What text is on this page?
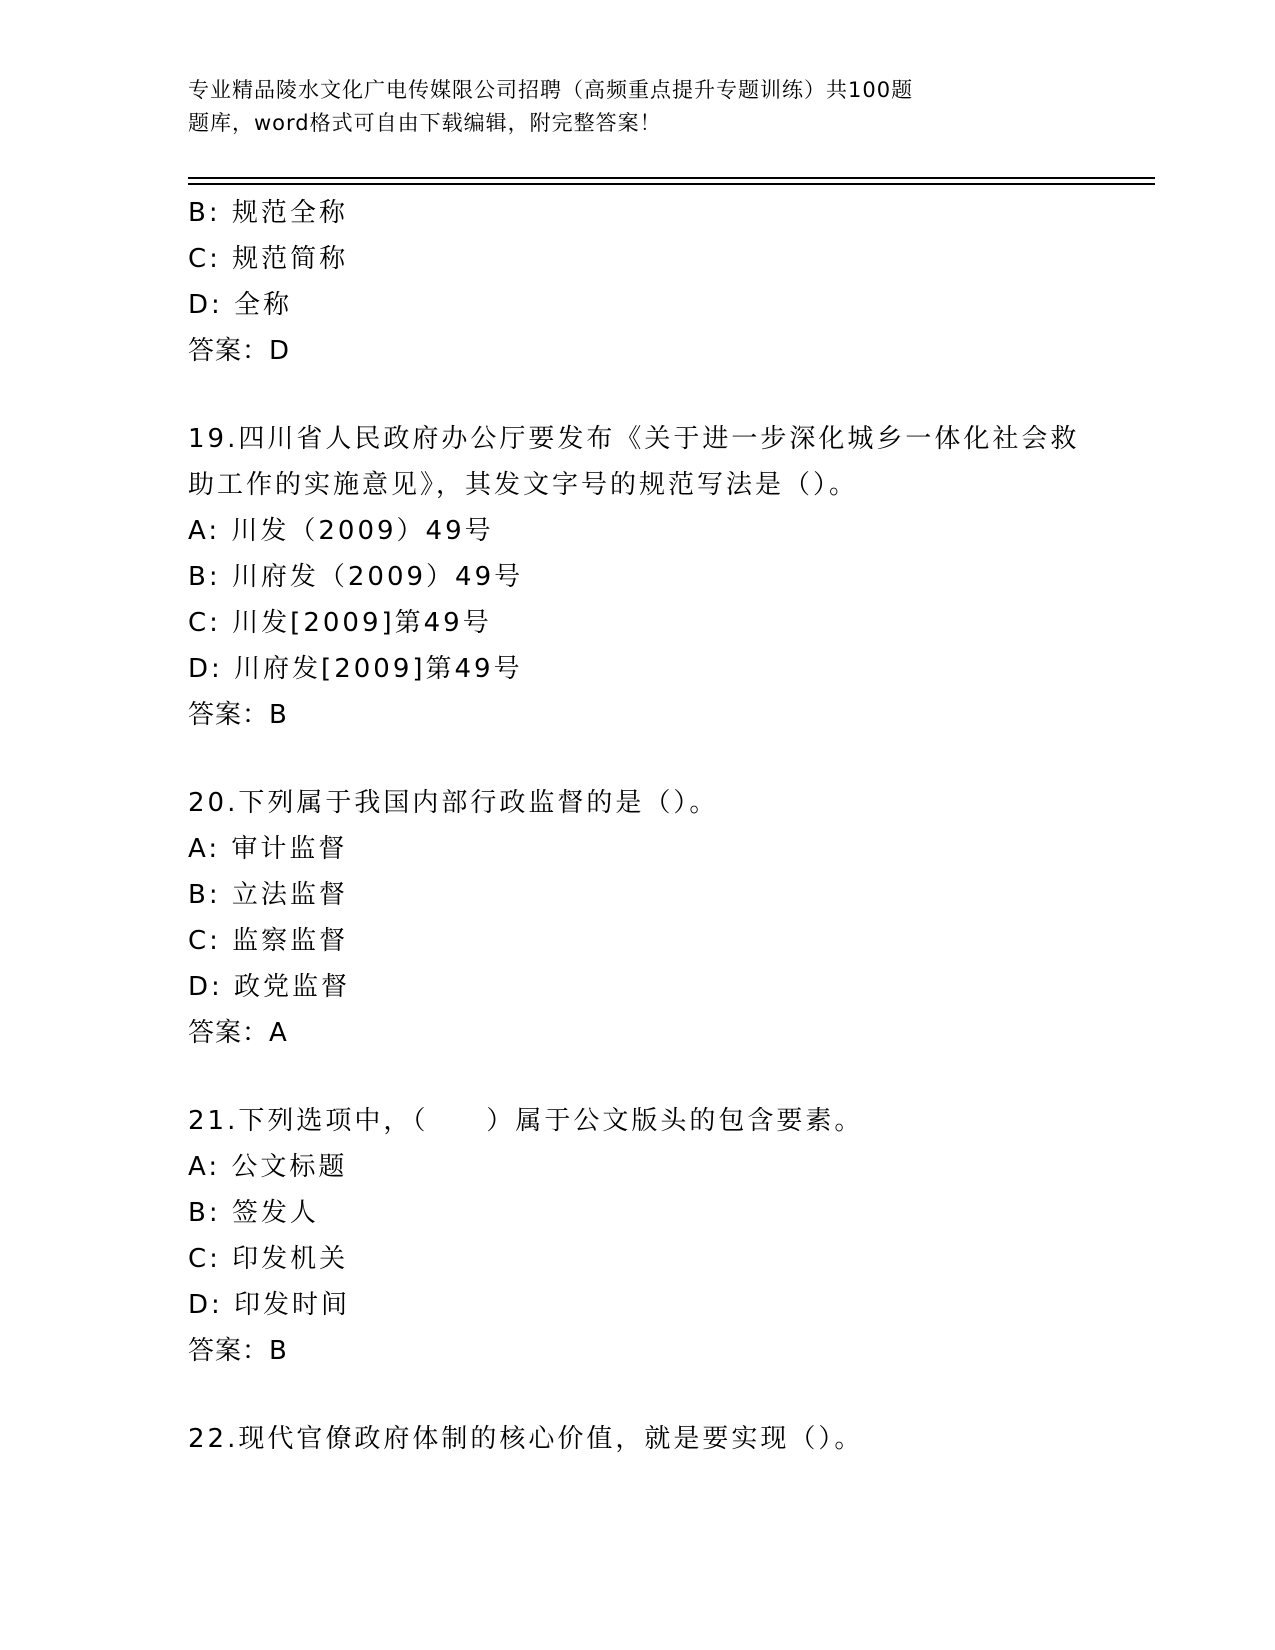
专业精品陵水文化广电传媒限公司招聘（高频重点提升专题训练）共100题
题库，word格式可自由下载编辑，附完整答案！
B: 规范全称
C: 规范简称
D: 全称
答案：D
19.四川省人民政府办公厅要发布《关于进一步深化城乡一体化社会救
助工作的实施意见》，其发文字号的规范写法是（）。
A: 川发（2009）49号
B: 川府发（2009）49号
C: 川发[2009]第49号
D: 川府发[2009]第49号
答案：B
20.下列属于我国内部行政监督的是（）。
A: 审计监督
B: 立法监督
C: 监察监督
D: 政党监督
答案：A
21.下列选项中，（　　）属于公文版头的包含要素。
A: 公文标题
B: 签发人
C: 印发机关
D: 印发时间
答案：B
22.现代官僚政府体制的核心价值，就是要实现（）。
